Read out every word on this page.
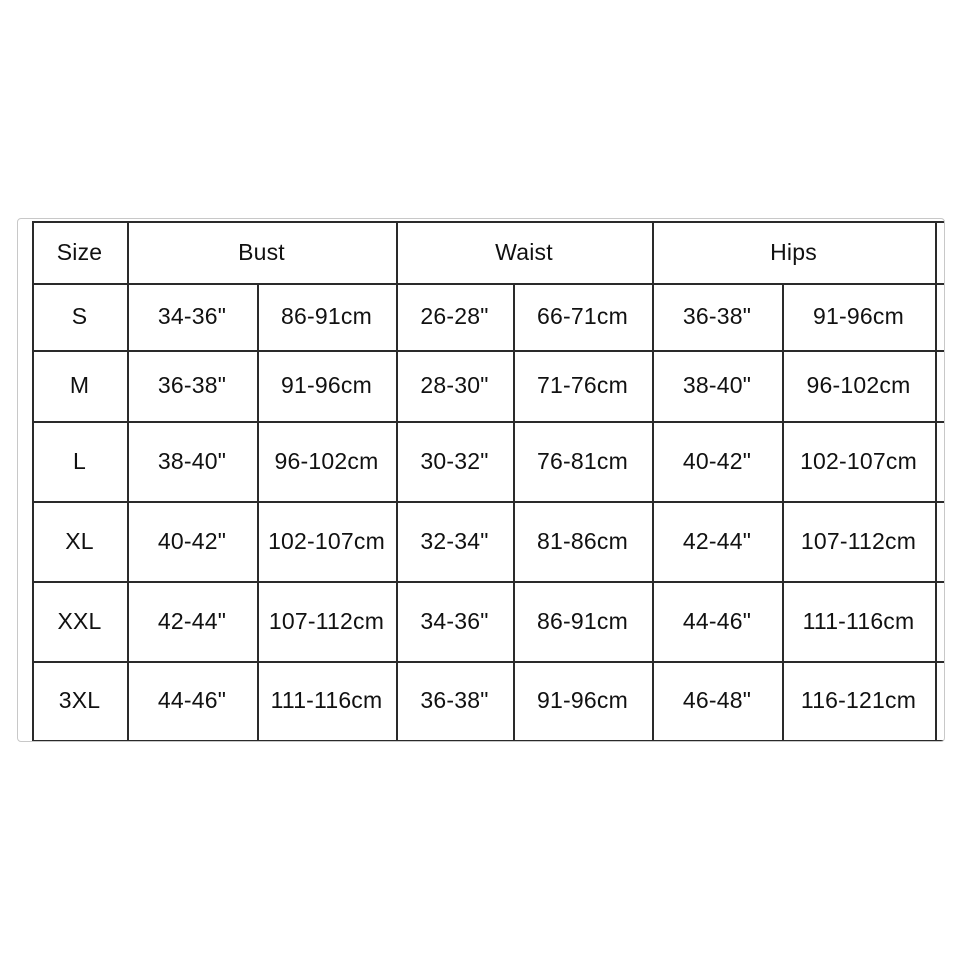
Size	Bust	Waist	Hips
S	34-36"	86-91cm	26-28"	66-71cm	36-38"	91-96cm
M	36-38"	91-96cm	28-30"	71-76cm	38-40"	96-102cm
L	38-40"	96-102cm	30-32"	76-81cm	40-42"	102-107cm
XL	40-42"	102-107cm	32-34"	81-86cm	42-44"	107-112cm
XXL	42-44"	107-112cm	34-36"	86-91cm	44-46"	111-116cm
3XL	44-46"	111-116cm	36-38"	91-96cm	46-48"	116-121cm
